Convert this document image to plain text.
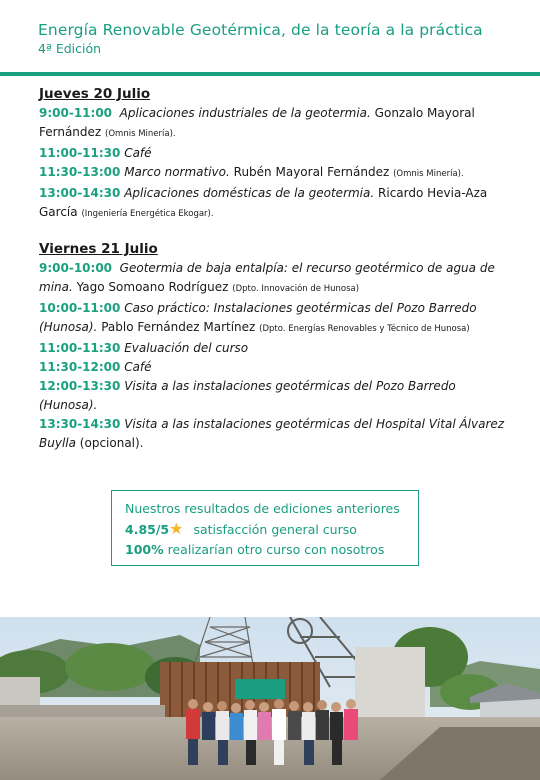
Energía Renovable Geotérmica, de la teoría a la práctica
4ª Edición
Jueves 20 Julio
9:00-11:00 Aplicaciones industriales de la geotermia. Gonzalo Mayoral Fernández (Omnis Minería).
11:00-11:30 Café
11:30-13:00 Marco normativo. Rubén Mayoral Fernández (Omnis Minería).
13:00-14:30 Aplicaciones domésticas de la geotermia. Ricardo Hevia-Aza García (Ingeniería Energética Ekogar).
Viernes 21 Julio
9:00-10:00 Geotermia de baja entalpía: el recurso geotérmico de agua de mina. Yago Somoano Rodríguez (Dpto. Innovación de Hunosa)
10:00-11:00 Caso práctico: Instalaciones geotérmicas del Pozo Barredo (Hunosa). Pablo Fernández Martínez (Dpto. Energías Renovables y Técnico de Hunosa)
11:00-11:30 Evaluación del curso
11:30-12:00 Café
12:00-13:30 Visita a las instalaciones geotérmicas del Pozo Barredo (Hunosa).
13:30-14:30 Visita a las instalaciones geotérmicas del Hospital Vital Álvarez Buylla (opcional).
Nuestros resultados de ediciones anteriores
4.85/5★ satisfacción general curso
100% realizarían otro curso con nosotros
